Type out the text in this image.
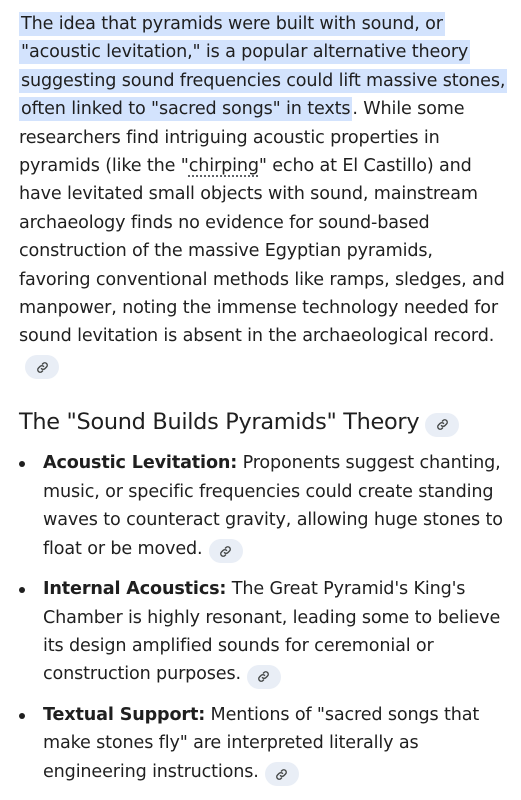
The idea that pyramids were built with sound, or "acoustic levitation," is a popular alternative theory suggesting sound frequencies could lift massive stones, often linked to "sacred songs" in texts . While some researchers find intriguing acoustic properties in pyramids (like the "chirping" echo at El Castillo) and have levitated small objects with sound, mainstream archaeology finds no evidence for sound-based construction of the massive Egyptian pyramids, favoring conventional methods like ramps, sledges, and manpower, noting the immense technology needed for sound levitation is absent in the archaeological record.

The "Sound Builds Pyramids" Theory
Acoustic Levitation: Proponents suggest chanting, music, or specific frequencies could create standing waves to counteract gravity, allowing huge stones to float or be moved.
Internal Acoustics: The Great Pyramid's King's Chamber is highly resonant, leading some to believe its design amplified sounds for ceremonial or construction purposes.
Textual Support: Mentions of "sacred songs that make stones fly" are interpreted literally as engineering instructions.
